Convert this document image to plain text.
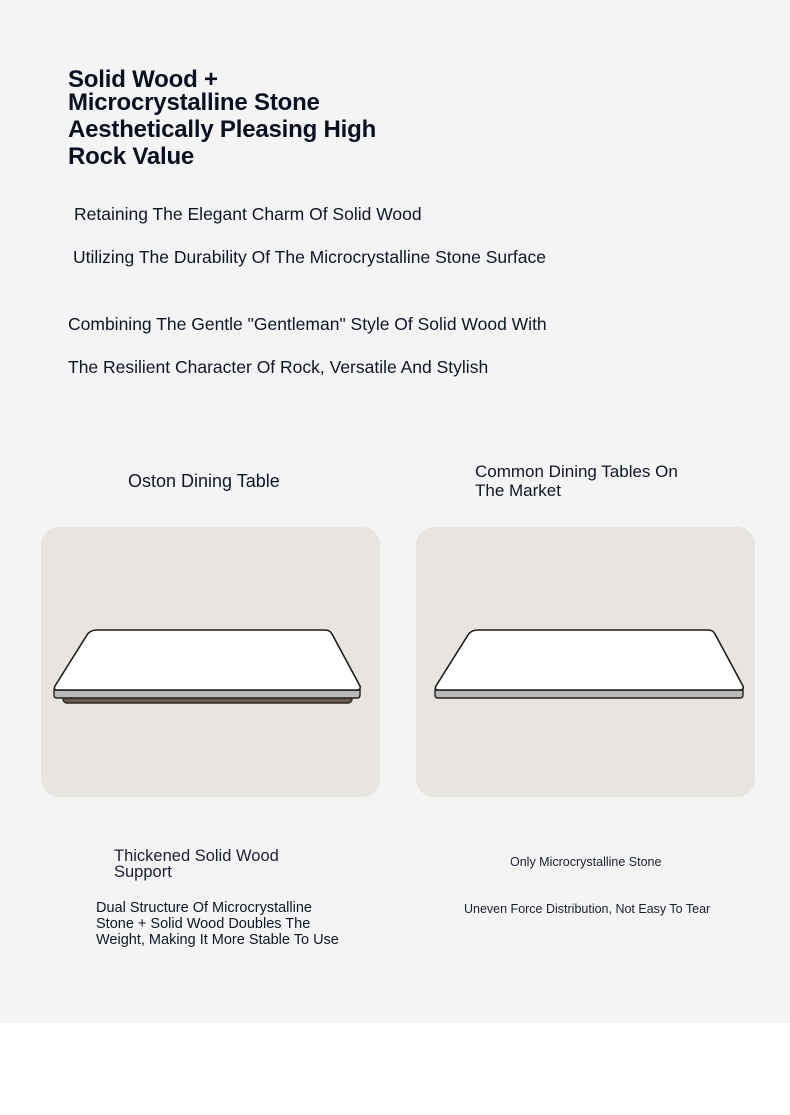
Solid Wood +
Microcrystalline Stone
Aesthetically Pleasing High
Rock Value
Retaining The Elegant Charm Of Solid Wood
Utilizing The Durability Of The Microcrystalline Stone Surface
Combining The Gentle "Gentleman" Style Of Solid Wood With
The Resilient Character Of Rock, Versatile And Stylish
Oston Dining Table
Thickened Solid Wood
Support
Dual Structure Of Microcrystalline
Stone + Solid Wood Doubles The
Weight, Making It More Stable To Use
Common Dining Tables On
The Market
Only Microcrystalline Stone
Uneven Force Distribution, Not Easy To Tear
